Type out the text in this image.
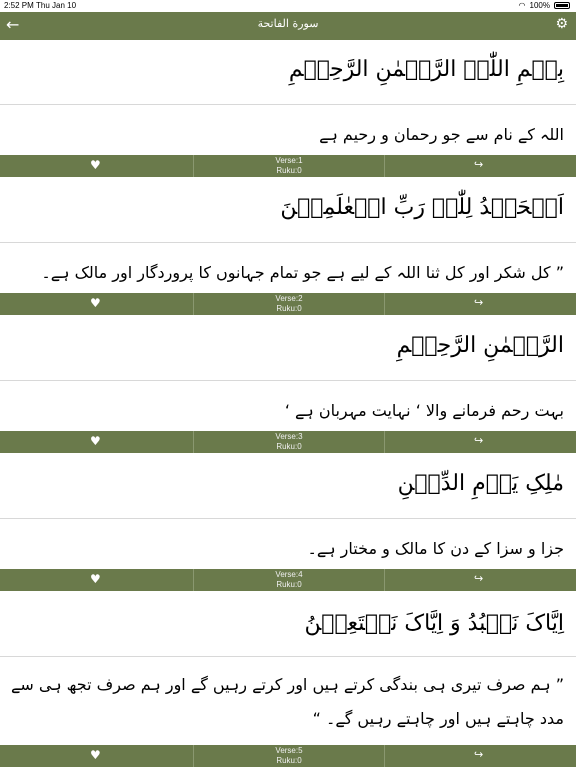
2:52 PM Thu Jan 10	◠ 100%
←	سورة الفاتحة	⚙
بِسۡمِ اللّٰہِ الرَّحۡمٰنِ الرَّحِیۡمِ
اللہ کے نام سے جو رحمان و رحیم ہے
♥	Verse:1
Ruku:0	↪
اَلۡحَمۡدُ لِلّٰہِ رَبِّ الۡعٰلَمِیۡنَ
” کل شکر اور کل ثنا اللہ کے لیے ہے جو تمام جہانوں کا پروردگار اور مالک ہے۔
♥	Verse:2
Ruku:0	↪
الرَّحۡمٰنِ الرَّحِیۡمِ
بہت رحم فرمانے والا ‘ نہایت مہربان ہے ‘
♥	Verse:3
Ruku:0	↪
مٰلِکِ یَوۡمِ الدِّیۡنِ
جزا و سزا کے دن کا مالک و مختار ہے۔
♥	Verse:4
Ruku:0	↪
اِیَّاکَ نَعۡبُدُ وَ اِیَّاکَ نَسۡتَعِیۡنُ
” ہم صرف تیری ہی بندگی کرتے ہیں اور کرتے رہیں گے اور ہم صرف تجھ ہی سے مدد چاہتے ہیں اور چاہتے رہیں گے۔ “
♥	Verse:5
Ruku:0	↪
